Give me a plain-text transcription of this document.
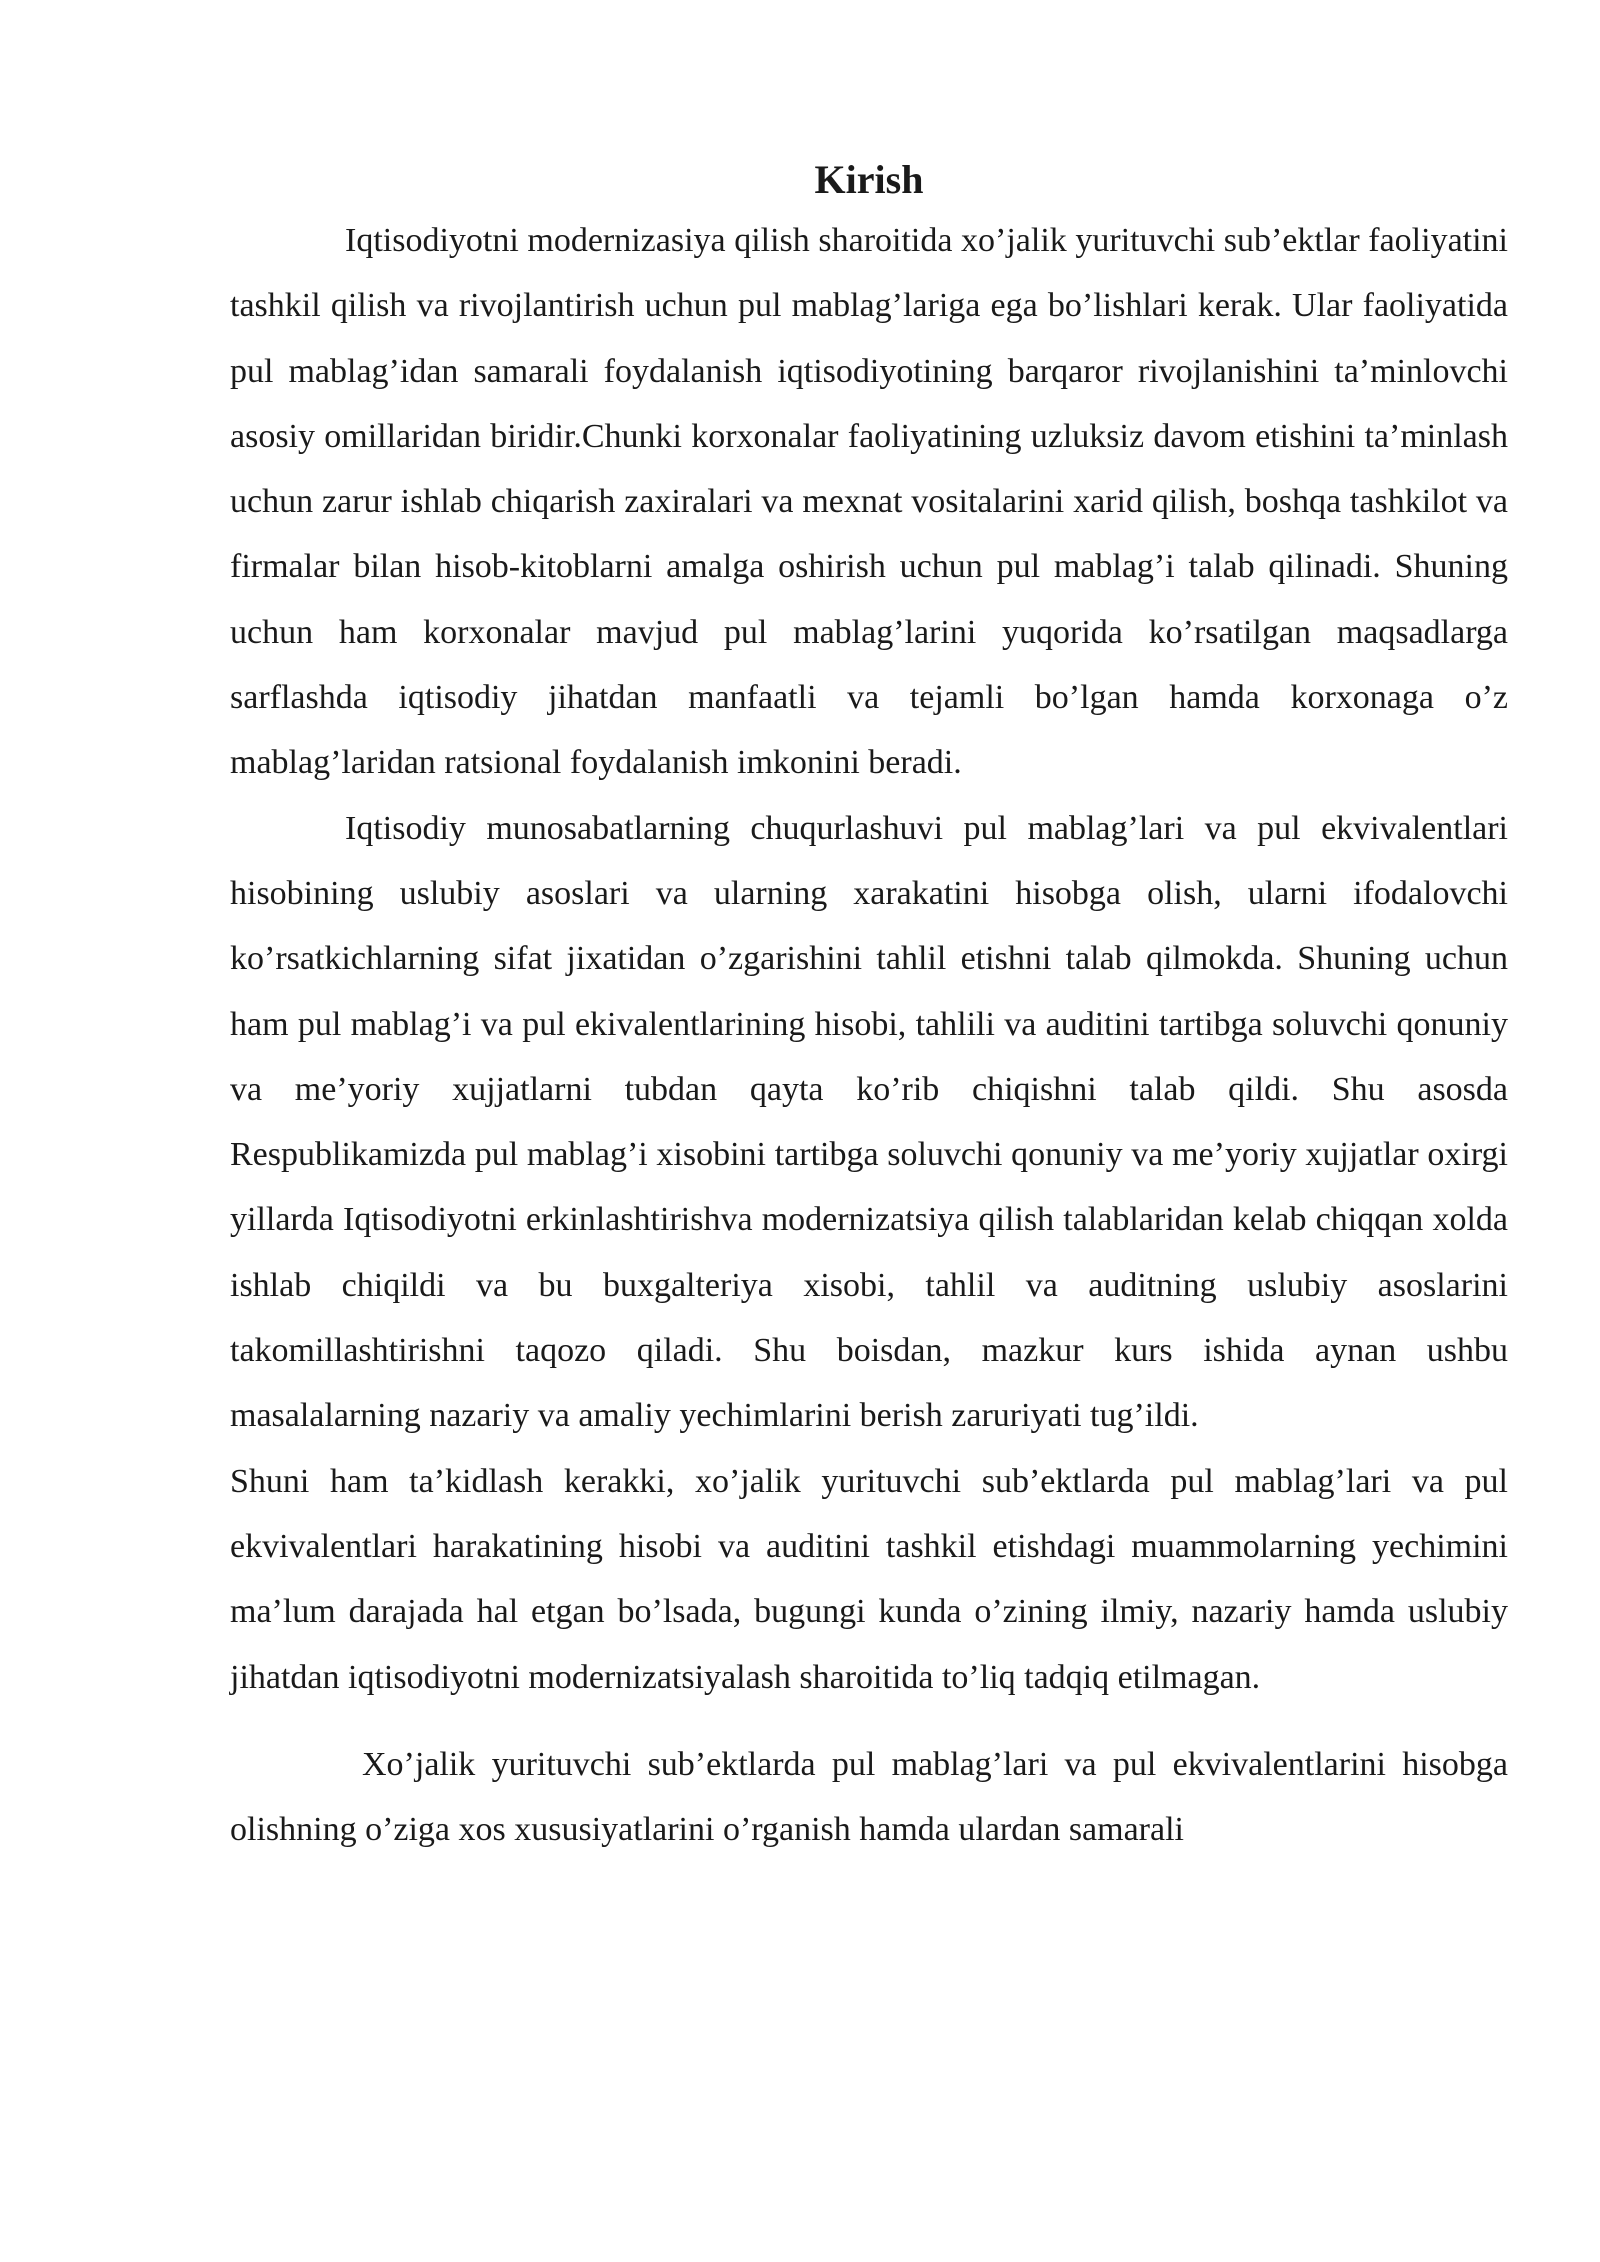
Kirish

Iqtisodiyotni modernizasiya qilish sharoitida xo’jalik yurituvchi sub’ektlar faoliyatini tashkil qilish va rivojlantirish uchun pul mablag’lariga ega bo’lishlari kerak. Ular faoliyatida pul mablag’idan samarali foydalanish iqtisodiyotining barqaror rivojlanishini ta’minlovchi asosiy omillaridan biridir.Chunki korxonalar faoliyatining uzluksiz davom etishini ta’minlash uchun zarur ishlab chiqarish zaxiralari va mexnat vositalarini xarid qilish, boshqa tashkilot va firmalar bilan hisob-kitoblarni amalga oshirish uchun pul mablag’i talab qilinadi. Shuning uchun ham korxonalar mavjud pul mablag’larini yuqorida ko’rsatilgan maqsadlarga sarflashda iqtisodiy jihatdan manfaatli va tejamli bo’lgan hamda korxonaga o’z mablag’laridan ratsional foydalanish imkonini beradi.

Iqtisodiy munosabatlarning chuqurlashuvi pul mablag’lari va pul ekvivalentlari hisobining uslubiy asoslari va ularning xarakatini hisobga olish, ularni ifodalovchi ko’rsatkichlarning sifat jixatidan o’zgarishini tahlil etishni talab qilmokda. Shuning uchun ham pul mablag’i va pul ekivalentlarining hisobi, tahlili va auditini tartibga soluvchi qonuniy va me’yoriy xujjatlarni tubdan qayta ko’rib chiqishni talab qildi. Shu asosda Respublikamizda pul mablag’i xisobini tartibga soluvchi qonuniy va me’yoriy xujjatlar oxirgi yillarda Iqtisodiyotni erkinlashtirishva modernizatsiya qilish talablaridan kelab chiqqan xolda ishlab chiqildi va bu buxgalteriya xisobi, tahlil va auditning uslubiy asoslarini takomillashtirishni taqozo qiladi. Shu boisdan, mazkur kurs ishida aynan ushbu masalalarning nazariy va amaliy yechimlarini berish zaruriyati tug’ildi.

Shuni ham ta’kidlash kerakki, xo’jalik yurituvchi sub’ektlarda pul mablag’lari va pul ekvivalentlari harakatining hisobi va auditini tashkil etishdagi muammolarning yechimini ma’lum darajada hal etgan bo’lsada, bugungi kunda o’zining ilmiy, nazariy hamda uslubiy jihatdan iqtisodiyotni modernizatsiyalash sharoitida to’liq tadqiq etilmagan.

Xo’jalik yurituvchi sub’ektlarda pul mablag’lari va pul ekvivalentlarini hisobga olishning o’ziga xos xususiyatlarini o’rganish hamda ulardan samarali
